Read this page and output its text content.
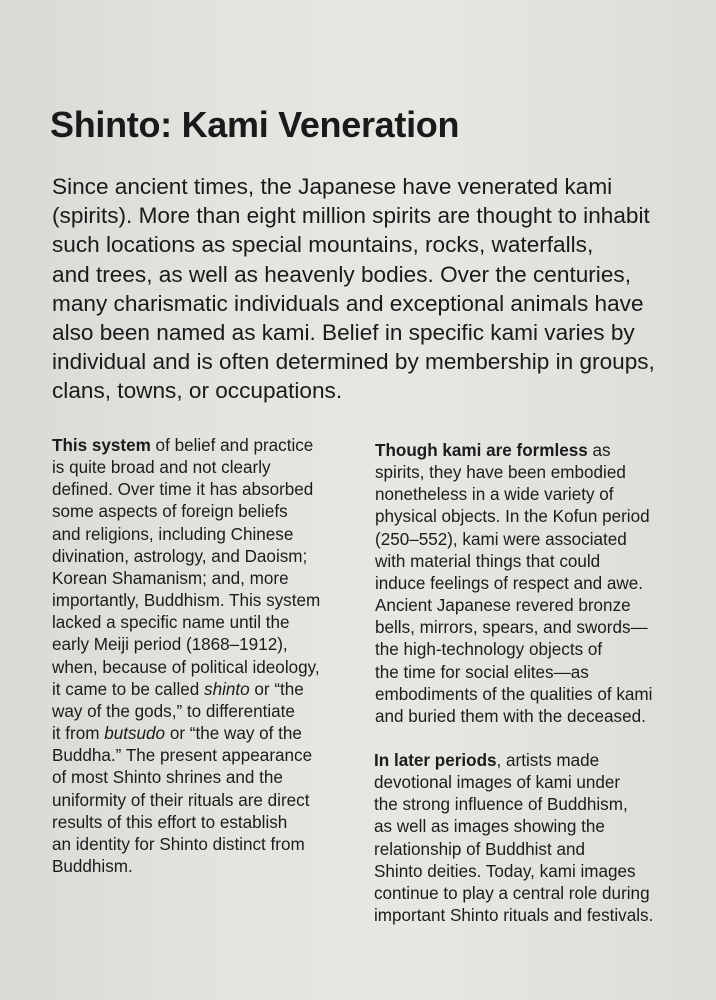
Shinto: Kami Veneration
Since ancient times, the Japanese have venerated kami
(spirits). More than eight million spirits are thought to inhabit
such locations as special mountains, rocks, waterfalls,
and trees, as well as heavenly bodies. Over the centuries,
many charismatic individuals and exceptional animals have
also been named as kami. Belief in specific kami varies by
individual and is often determined by membership in groups,
clans, towns, or occupations.
This system of belief and practice
is quite broad and not clearly
defined. Over time it has absorbed
some aspects of foreign beliefs
and religions, including Chinese
divination, astrology, and Daoism;
Korean Shamanism; and, more
importantly, Buddhism. This system
lacked a specific name until the
early Meiji period (1868–1912),
when, because of political ideology,
it came to be called shinto or “the
way of the gods,” to differentiate
it from butsudo or “the way of the
Buddha.” The present appearance
of most Shinto shrines and the
uniformity of their rituals are direct
results of this effort to establish
an identity for Shinto distinct from
Buddhism.
Though kami are formless as
spirits, they have been embodied
nonetheless in a wide variety of
physical objects. In the Kofun period
(250–552), kami were associated
with material things that could
induce feelings of respect and awe.
Ancient Japanese revered bronze
bells, mirrors, spears, and swords—
the high-technology objects of
the time for social elites—as
embodiments of the qualities of kami
and buried them with the deceased.
In later periods, artists made
devotional images of kami under
the strong influence of Buddhism,
as well as images showing the
relationship of Buddhist and
Shinto deities. Today, kami images
continue to play a central role during
important Shinto rituals and festivals.
